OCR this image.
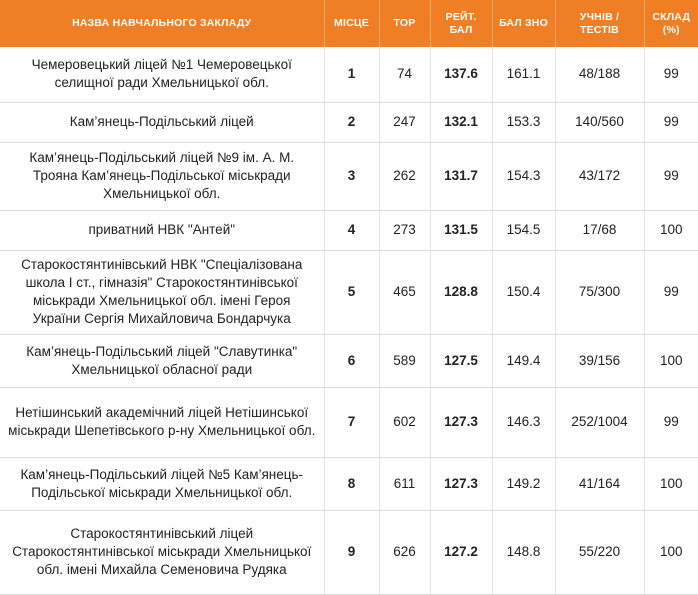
НАЗВА НАВЧАЛЬНОГО ЗАКЛАДУ	МІСЦЕ	TOP	РЕЙТ. БАЛ	БАЛ ЗНО	УЧНІВ / ТЕСТІВ	СКЛАД (%)
Чемеровецький ліцей №1 Чемеровецької селищної ради Хмельницької обл.	1	74	137.6	161.1	48/188	99
Кам’янець-Подільський ліцей	2	247	132.1	153.3	140/560	99
Кам’янець-Подільський ліцей №9 ім. А. М. Трояна Кам’янець-Подільської міськради Хмельницької обл.	3	262	131.7	154.3	43/172	99
приватний НВК "Антей"	4	273	131.5	154.5	17/68	100
Старокостянтинівський НВК "Спеціалізована школа I ст., гімназія" Старокостянтинівської міськради Хмельницької обл. імені Героя України Сергія Михайловича Бондарчука	5	465	128.8	150.4	75/300	99
Кам’янець-Подільський ліцей "Славутинка" Хмельницької обласної ради	6	589	127.5	149.4	39/156	100
Нетішинський академічний ліцей Нетішинської міськради Шепетівського р-ну Хмельницької обл.	7	602	127.3	146.3	252/1004	99
Кам’янець-Подільський ліцей №5 Кам’янець-Подільської міськради Хмельницької обл.	8	611	127.3	149.2	41/164	100
Старокостянтинівський ліцей Старокостянтинівської міськради Хмельницької обл. імені Михайла Семеновича Рудяка	9	626	127.2	148.8	55/220	100
